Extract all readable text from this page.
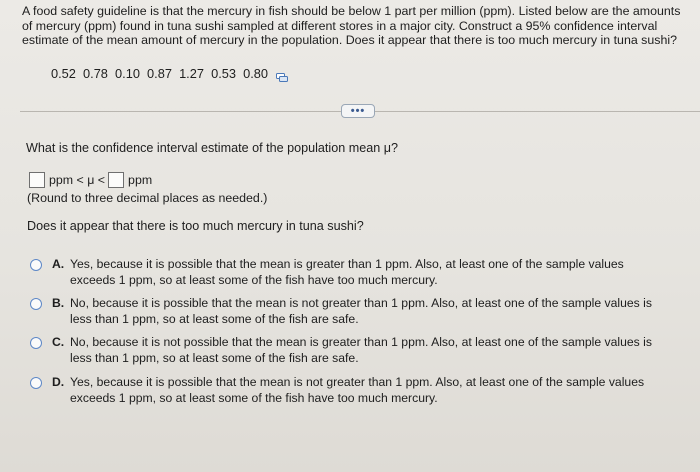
A food safety guideline is that the mercury in fish should be below 1 part per million (ppm). Listed below are the amounts of mercury (ppm) found in tuna sushi sampled at different stores in a major city. Construct a 95% confidence interval estimate of the mean amount of mercury in the population. Does it appear that there is too much mercury in tuna sushi?
0.52  0.78  0.10  0.87  1.27  0.53  0.80
•••
What is the confidence interval estimate of the population mean μ?
ppm < μ < ppm
(Round to three decimal places as needed.)
Does it appear that there is too much mercury in tuna sushi?
A. Yes, because it is possible that the mean is greater than 1 ppm. Also, at least one of the sample values exceeds 1 ppm, so at least some of the fish have too much mercury.
B. No, because it is possible that the mean is not greater than 1 ppm. Also, at least one of the sample values is less than 1 ppm, so at least some of the fish are safe.
C. No, because it is not possible that the mean is greater than 1 ppm. Also, at least one of the sample values is less than 1 ppm, so at least some of the fish are safe.
D. Yes, because it is possible that the mean is not greater than 1 ppm. Also, at least one of the sample values exceeds 1 ppm, so at least some of the fish have too much mercury.
